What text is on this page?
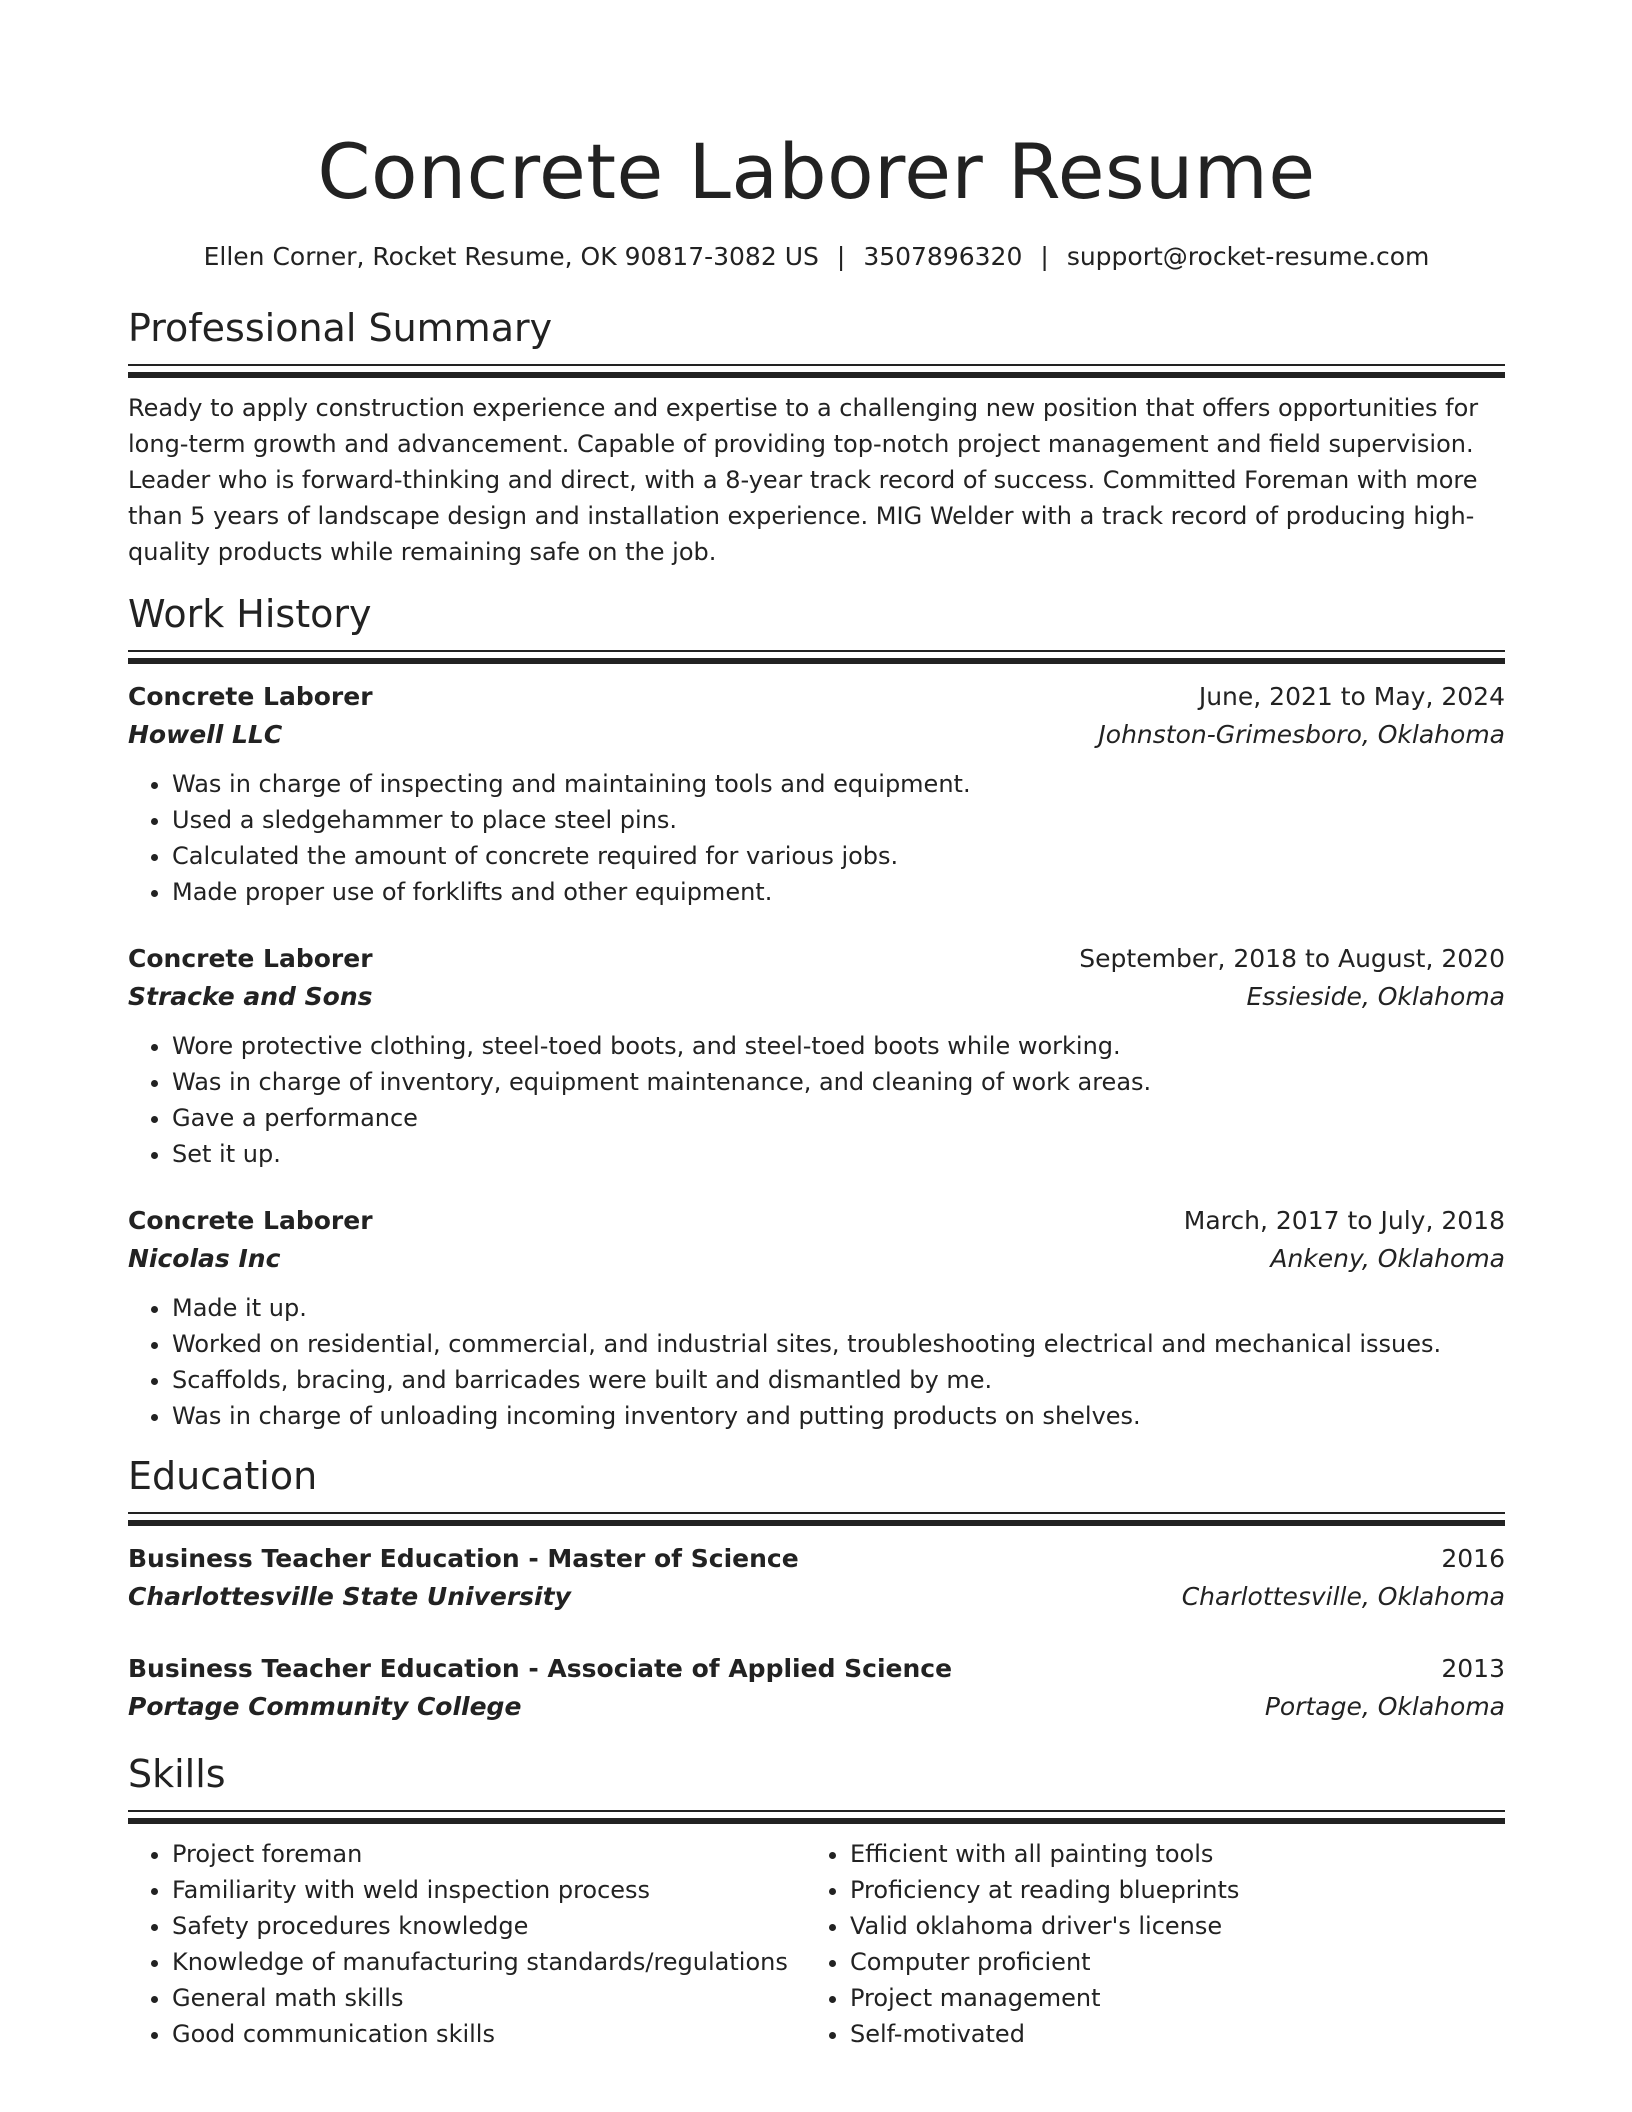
Concrete Laborer Resume
Ellen Corner, Rocket Resume, OK 90817-3082 US | 3507896320 | support@rocket-resume.com
Professional Summary
Ready to apply construction experience and expertise to a challenging new position that offers opportunities for long-term growth and advancement. Capable of providing top-notch project management and field supervision. Leader who is forward-thinking and direct, with a 8-year track record of success. Committed Foreman with more than 5 years of landscape design and installation experience. MIG Welder with a track record of producing high-quality products while remaining safe on the job.
Work History
Concrete Laborer	June, 2021 to May, 2024
Howell LLC	Johnston-Grimesboro, Oklahoma
• Was in charge of inspecting and maintaining tools and equipment.
• Used a sledgehammer to place steel pins.
• Calculated the amount of concrete required for various jobs.
• Made proper use of forklifts and other equipment.
Concrete Laborer	September, 2018 to August, 2020
Stracke and Sons	Essieside, Oklahoma
• Wore protective clothing, steel-toed boots, and steel-toed boots while working.
• Was in charge of inventory, equipment maintenance, and cleaning of work areas.
• Gave a performance
• Set it up.
Concrete Laborer	March, 2017 to July, 2018
Nicolas Inc	Ankeny, Oklahoma
• Made it up.
• Worked on residential, commercial, and industrial sites, troubleshooting electrical and mechanical issues.
• Scaffolds, bracing, and barricades were built and dismantled by me.
• Was in charge of unloading incoming inventory and putting products on shelves.
Education
Business Teacher Education - Master of Science	2016
Charlottesville State University	Charlottesville, Oklahoma
Business Teacher Education - Associate of Applied Science	2013
Portage Community College	Portage, Oklahoma
Skills
• Project foreman
• Familiarity with weld inspection process
• Safety procedures knowledge
• Knowledge of manufacturing standards/regulations
• General math skills
• Good communication skills
• Efficient with all painting tools
• Proficiency at reading blueprints
• Valid oklahoma driver's license
• Computer proficient
• Project management
• Self-motivated
